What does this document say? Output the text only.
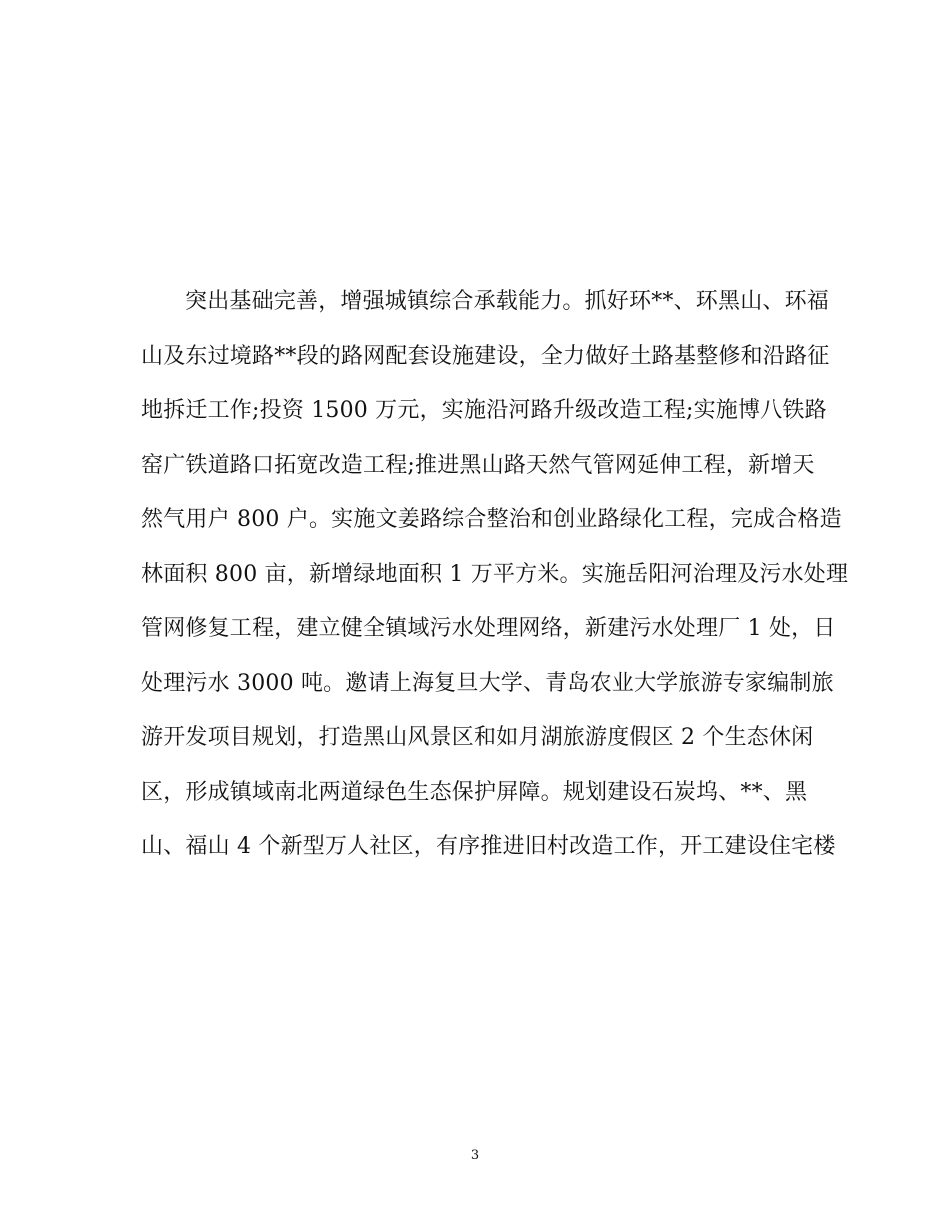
突出基础完善，增强城镇综合承载能力。抓好环**、环黑山、环福
山及东过境路**段的路网配套设施建设，全力做好土路基整修和沿路征
地拆迁工作;投资 1500 万元，实施沿河路升级改造工程;实施博八铁路
窑广铁道路口拓宽改造工程;推进黑山路天然气管网延伸工程，新增天
然气用户 800 户。实施文姜路综合整治和创业路绿化工程，完成合格造
林面积 800 亩，新增绿地面积 1 万平方米。实施岳阳河治理及污水处理
管网修复工程，建立健全镇域污水处理网络，新建污水处理厂 1 处，日
处理污水 3000 吨。邀请上海复旦大学、青岛农业大学旅游专家编制旅
游开发项目规划，打造黑山风景区和如月湖旅游度假区 2 个生态休闲
区，形成镇域南北两道绿色生态保护屏障。规划建设石炭坞、**、黑
山、福山 4 个新型万人社区，有序推进旧村改造工作，开工建设住宅楼
3
